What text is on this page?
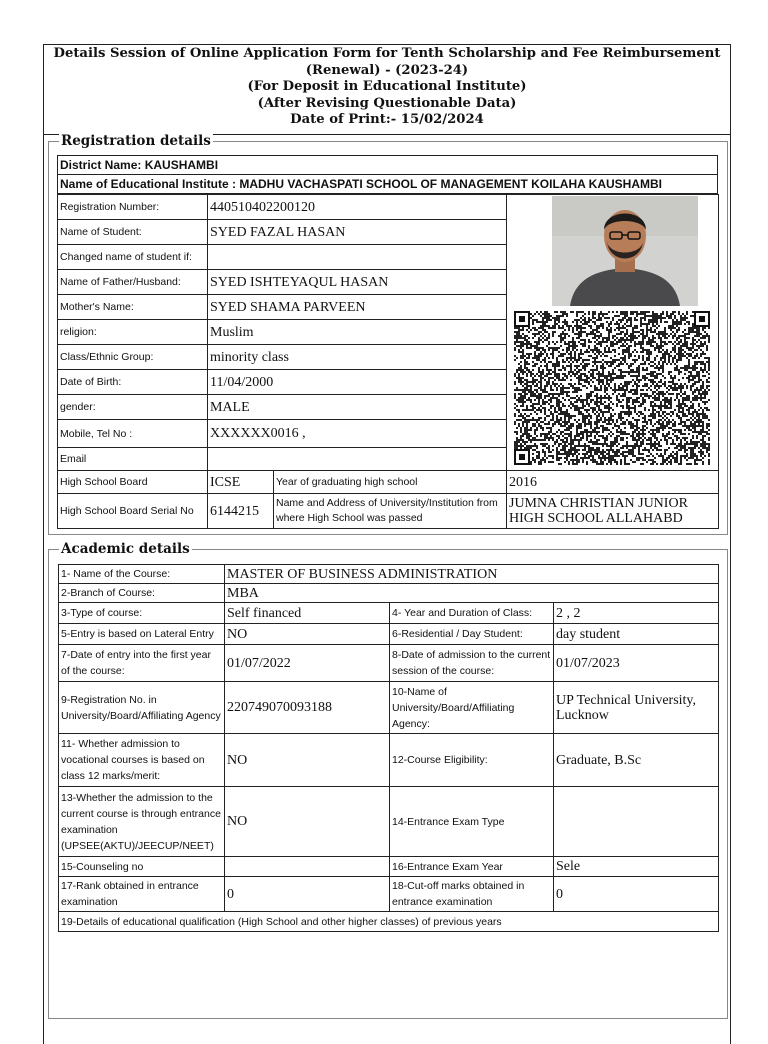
Details Session of Online Application Form for Tenth Scholarship and Fee Reimbursement
(Renewal) - (2023-24)
(For Deposit in Educational Institute)
(After Revising Questionable Data)
Date of Print:- 15/02/2024
Registration details
District Name: KAUSHAMBI
Name of Educational Institute : MADHU VACHASPATI SCHOOL OF MANAGEMENT KOILAHA KAUSHAMBI
Registration Number:	440510402200120		
Name of Student:	SYED FAZAL HASAN		
Changed name of student if:			
Name of Father/Husband:	SYED ISHTEYAQUL HASAN		
Mother's Name:	SYED SHAMA PARVEEN		
religion:	Muslim		
Class/Ethnic Group:	minority class		
Date of Birth:	11/04/2000		
gender:	MALE		
Mobile, Tel No :	XXXXXX0016 ,		
Email			
High School Board	ICSE	Year of graduating high school	2016
High School Board Serial No	6144215	Name and Address of University/Institution from where High School was passed	JUMNA CHRISTIAN JUNIOR HIGH SCHOOL ALLAHABD
Academic details
1- Name of the Course:	MASTER OF BUSINESS ADMINISTRATION		
2-Branch of Course:	MBA		
3-Type of course:	Self financed	4- Year and Duration of Class:	2 , 2
5-Entry is based on Lateral Entry	NO	6-Residential / Day Student:	day student
7-Date of entry into the first year of the course:	01/07/2022	8-Date of admission to the current session of the course:	01/07/2023
9-Registration No. in University/Board/Affiliating Agency	220749070093188	10-Name of University/Board/Affiliating Agency:	UP Technical University, Lucknow
11- Whether admission to vocational courses is based on class 12 marks/merit:	NO	12-Course Eligibility:	Graduate, B.Sc
13-Whether the admission to the current course is through entrance examination (UPSEE(AKTU)/JEECUP/NEET)	NO	14-Entrance Exam Type	
15-Counseling no		16-Entrance Exam Year	Sele
17-Rank obtained in entrance examination	0	18-Cut-off marks obtained in entrance examination	0
19-Details of educational qualification (High School and other higher classes) of previous years			
